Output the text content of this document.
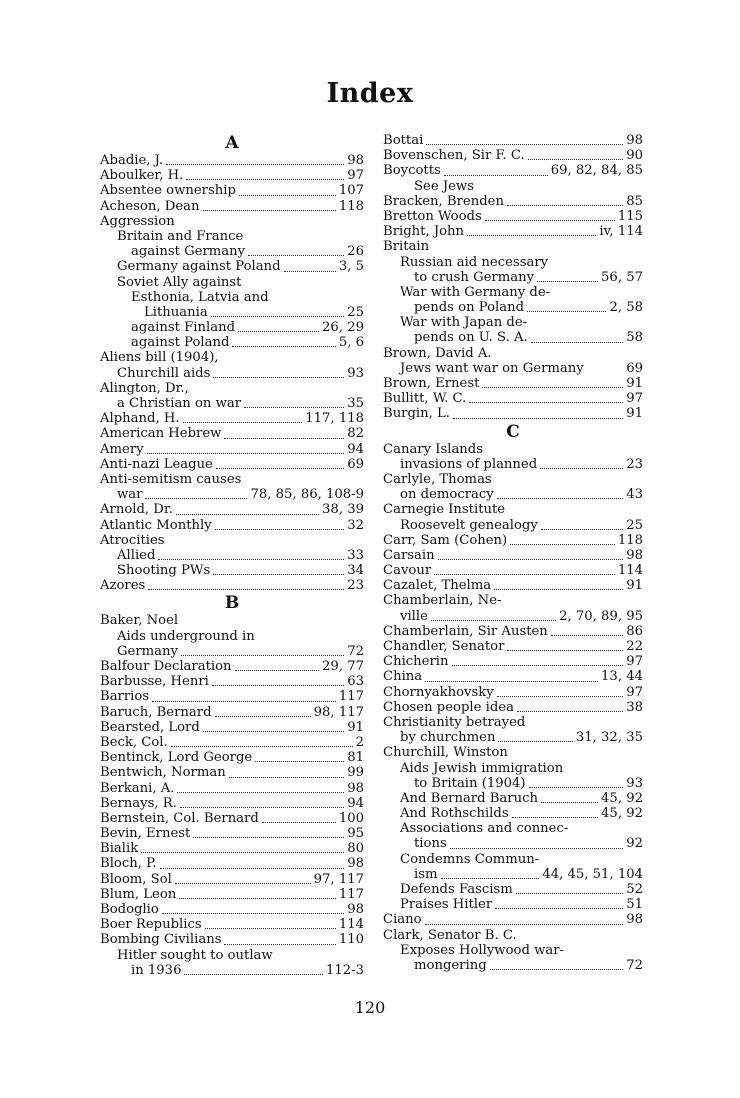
Index
A
Abadie, J.	98
Aboulker, H.	97
Absentee ownership	107
Acheson, Dean	118
Aggression
Britain and France
against Germany	26
Germany against Poland	3, 5
Soviet Ally against
Esthonia, Latvia and
Lithuania	25
against Finland	26, 29
against Poland	5, 6
Aliens bill (1904),
Churchill aids	93
Alington, Dr.,
a Christian on war	35
Alphand, H.	117, 118
American Hebrew	82
Amery	94
Anti-nazi League	69
Anti-semitism causes
war	78, 85, 86, 108-9
Arnold, Dr.	38, 39
Atlantic Monthly	32
Atrocities
Allied	33
Shooting PWs	34
Azores	23
B
Baker, Noel
Aids underground in
Germany	72
Balfour Declaration	29, 77
Barbusse, Henri	63
Barrios	117
Baruch, Bernard	98, 117
Bearsted, Lord	91
Beck, Col.	2
Bentinck, Lord George	81
Bentwich, Norman	99
Berkani, A.	98
Bernays, R.	94
Bernstein, Col. Bernard	100
Bevin, Ernest	95
Bialik	80
Bloch, P.	98
Bloom, Sol	97, 117
Blum, Leon	117
Bodoglio	98
Boer Republics	114
Bombing Civilians	110
Hitler sought to outlaw
in 1936	112-3
Bottai	98
Bovenschen, Sir F. C.	90
Boycotts	69, 82, 84, 85
See Jews
Bracken, Brenden	85
Bretton Woods	115
Bright, John	iv, 114
Britain
Russian aid necessary
to crush Germany	56, 57
War with Germany de-
pends on Poland	2, 58
War with Japan de-
pends on U. S. A.	58
Brown, David A.
Jews want war on Germany	69
Brown, Ernest	91
Bullitt, W. C.	97
Burgin, L.	91
C
Canary Islands
invasions of planned	23
Carlyle, Thomas
on democracy	43
Carnegie Institute
Roosevelt genealogy	25
Carr, Sam (Cohen)	118
Carsain	98
Cavour	114
Cazalet, Thelma	91
Chamberlain, Ne-
ville	2, 70, 89, 95
Chamberlain, Sir Austen	86
Chandler, Senator	22
Chicherin	97
China	13, 44
Chornyakhovsky	97
Chosen people idea	38
Christianity betrayed
by churchmen	31, 32, 35
Churchill, Winston
Aids Jewish immigration
to Britain (1904)	93
And Bernard Baruch	45, 92
And Rothschilds	45, 92
Associations and connec-
tions	92
Condemns Commun-
ism	44, 45, 51, 104
Defends Fascism	52
Praises Hitler	51
Ciano	98
Clark, Senator B. C.
Exposes Hollywood war-
mongering	72
120
